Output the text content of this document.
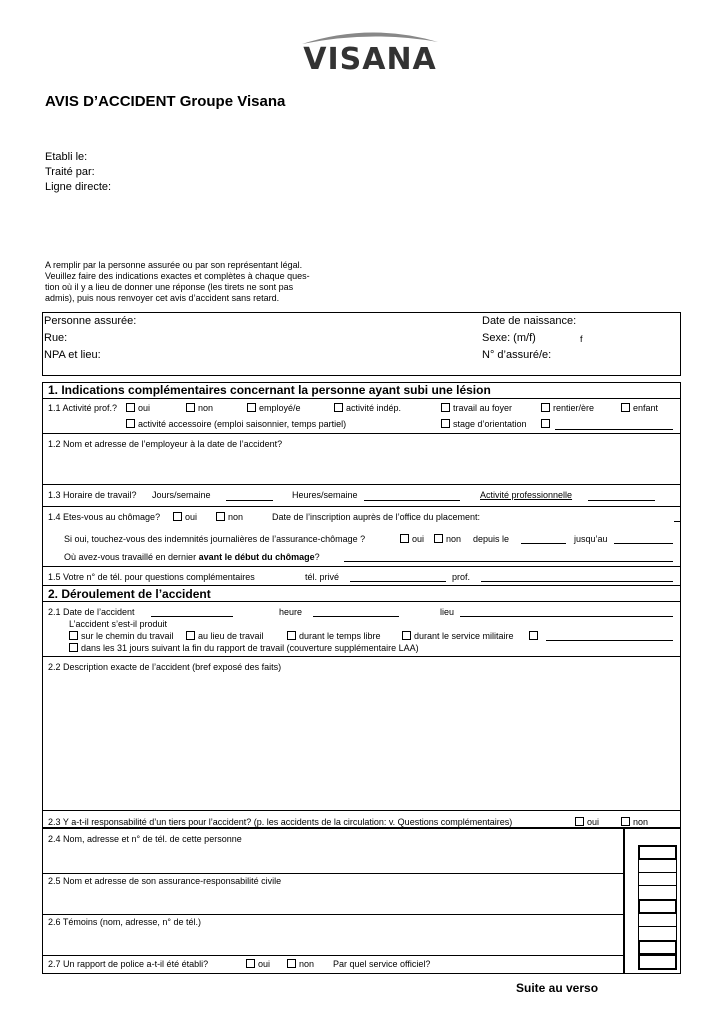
VISANA
AVIS D’ACCIDENT Groupe Visana
Etabli le:
Traité par:
Ligne directe:
A remplir par la personne assurée ou par son représentant légal.
Veuillez faire des indications exactes et complètes à chaque ques-
tion où il y a lieu de donner une réponse (les tirets ne sont pas
admis), puis nous renvoyer cet avis d’accident sans retard.
Personne assurée:	Date de naissance:
Rue:	Sexe: (m/f)	f
NPA et lieu:	N° d’assuré/e:
1. Indications complémentaires concernant la personne ayant subi une lésion
1.1 Activité prof.?	oui	non	employé/e	activité indép.	travail au foyer	rentier/ère	enfant
activité accessoire (emploi saisonnier, temps partiel)	stage d’orientation
1.2 Nom et adresse de l’employeur à la date de l’accident?
1.3 Horaire de travail? Jours/semaine	Heures/semaine	Activité professionnelle
1.4 Etes-vous au chômage?	oui	non	Date de l’inscription auprès de l’office du placement:
Si oui, touchez-vous des indemnités journalières de l’assurance-chômage ?	oui	non depuis le	jusqu’au
Où avez-vous travaillé en dernier avant le début du chômage?
1.5 Votre n° de tél. pour questions complémentaires	tél. privé	prof.
2. Déroulement de l’accident
2.1 Date de l’accident	heure	lieu
L’accident s’est-il produit
sur le chemin du travail	au lieu de travail	durant le temps libre	durant le service militaire
dans les 31 jours suivant la fin du rapport de travail (couverture supplémentaire LAA)
2.2 Description exacte de l’accident (bref exposé des faits)
2.3 Y a-t-il responsabilité d’un tiers pour l’accident? (p. les accidents de la circulation: v. Questions complémentaires)	oui	non
2.4 Nom, adresse et n° de tél. de cette personne
2.5 Nom et adresse de son assurance-responsabilité civile
2.6 Témoins (nom, adresse, n° de tél.)
2.7 Un rapport de police a-t-il été établi?	oui	non Par quel service officiel?
Suite au verso
